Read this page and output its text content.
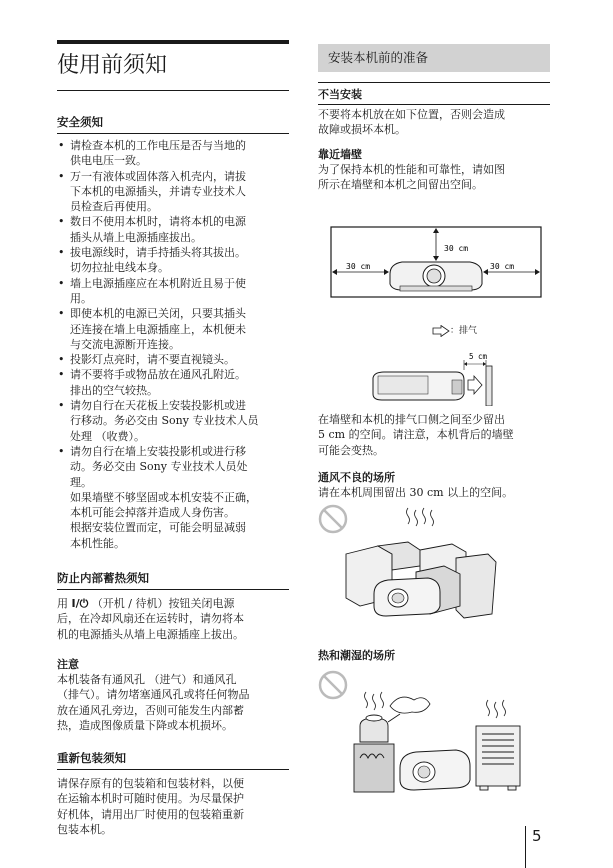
使用前须知
安全须知
• 请检查本机的工作电压是否与当地的
供电电压一致。
• 万一有液体或固体落入机壳内，请拔
下本机的电源插头，并请专业技术人
员检查后再使用。
• 数日不使用本机时，请将本机的电源
插头从墙上电源插座拔出。
• 拔电源线时，请手持插头将其拔出。
切勿拉扯电线本身。
• 墙上电源插座应在本机附近且易于使
用。
• 即使本机的电源已关闭，只要其插头
还连接在墙上电源插座上，本机便未
与交流电源断开连接。
• 投影灯点亮时，请不要直视镜头。
• 请不要将手或物品放在通风孔附近。
排出的空气较热。
• 请勿自行在天花板上安装投影机或进
行移动。务必交由 Sony 专业技术人员
处理 （收费）。
• 请勿自行在墙上安装投影机或进行移
动。务必交由 Sony 专业技术人员处
理。
如果墙壁不够坚固或本机安装不正确，
本机可能会掉落并造成人身伤害。
根据安装位置而定，可能会明显减弱
本机性能。
防止内部蓄热须知

用 I/⏻ （开机 / 待机）按钮关闭电源
后，在冷却风扇还在运转时，请勿将本
机的电源插头从墙上电源插座上拔出。

注意

本机装备有通风孔 （进气）和通风孔
（排气）。请勿堵塞通风孔或将任何物品
放在通风孔旁边，否则可能发生内部蓄
热，造成图像质量下降或本机损坏。

重新包装须知

请保存原有的包装箱和包装材料，以便
在运输本机时可随时使用。为尽量保护
好机体，请用出厂时使用的包装箱重新
包装本机。

安装本机前的准备
不当安装

不要将本机放在如下位置，否则会造成
故障或损坏本机。

靠近墙壁

为了保持本机的性能和可靠性，请如图
所示在墙壁和本机之间留出空间。

30 cm
30 cm	30 cm
：排气
5 cm

在墙壁和本机的排气口侧之间至少留出
5 cm 的空间。请注意，本机背后的墙壁
可能会变热。

通风不良的场所

请在本机周围留出 30 cm 以上的空间。

热和潮湿的场所
5
